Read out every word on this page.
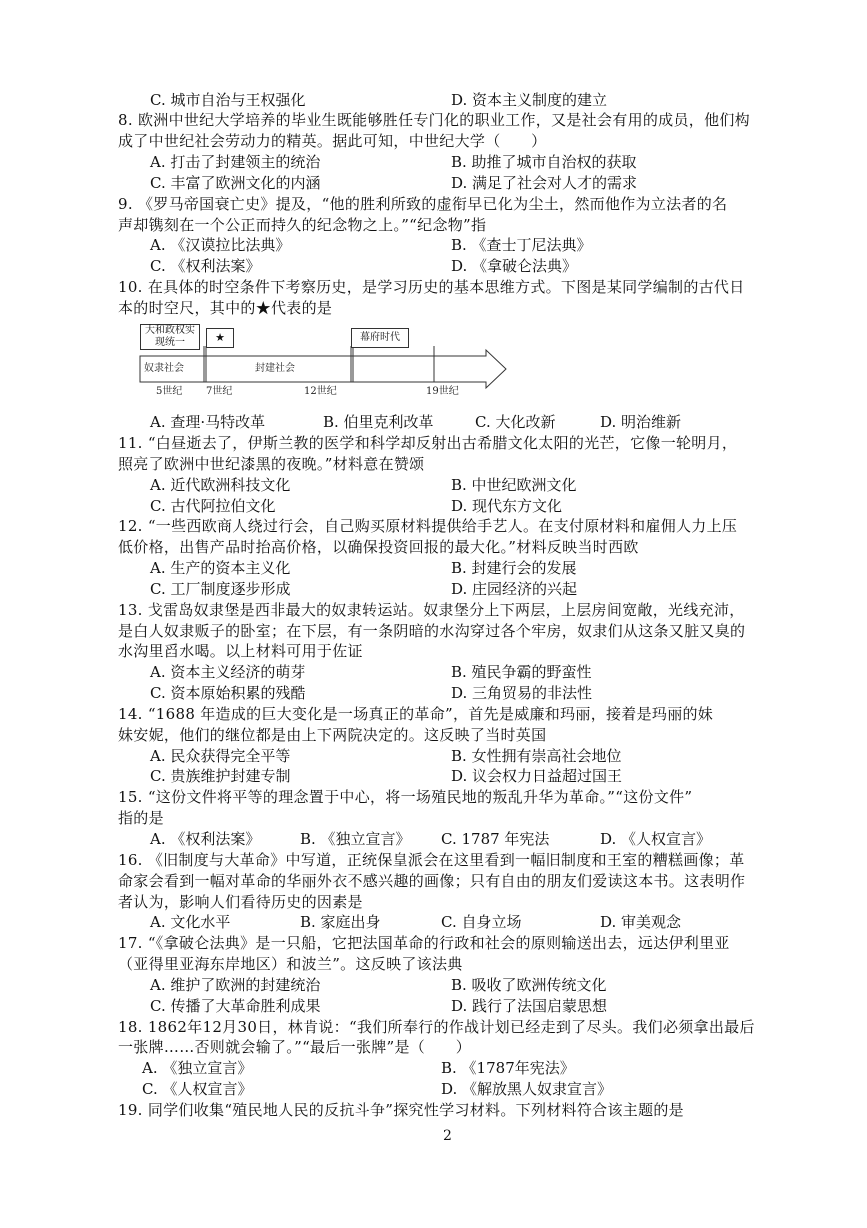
C. 城市自治与王权强化	D. 资本主义制度的建立
8. 欧洲中世纪大学培养的毕业生既能够胜任专门化的职业工作，又是社会有用的成员，他们构
成了中世纪社会劳动力的精英。据此可知，中世纪大学（　　）
A. 打击了封建领主的统治	B. 助推了城市自治权的获取
C. 丰富了欧洲文化的内涵	D. 满足了社会对人才的需求
9. 《罗马帝国衰亡史》提及，“他的胜利所致的虚衔早已化为尘土，然而他作为立法者的名
声却镌刻在一个公正而持久的纪念物之上。”“纪念物”指
A. 《汉谟拉比法典》	B. 《查士丁尼法典》
C. 《权利法案》	D. 《拿破仑法典》
10. 在具体的时空条件下考察历史，是学习历史的基本思维方式。下图是某同学编制的古代日
本的时空尺，其中的★代表的是
大和政权实现统一	★	幕府时代
奴隶社会	封建社会
5世纪 7世纪	12世纪	19世纪
A. 查理·马特改革	B. 伯里克利改革	C. 大化改新	D. 明治维新
11. “白昼逝去了，伊斯兰教的医学和科学却反射出古希腊文化太阳的光芒，它像一轮明月，
照亮了欧洲中世纪漆黑的夜晚。”材料意在赞颂
A. 近代欧洲科技文化	B. 中世纪欧洲文化
C. 古代阿拉伯文化	D. 现代东方文化
12. “一些西欧商人绕过行会，自己购买原材料提供给手艺人。在支付原材料和雇佣人力上压
低价格，出售产品时抬高价格，以确保投资回报的最大化。”材料反映当时西欧
A. 生产的资本主义化	B. 封建行会的发展
C. 工厂制度逐步形成	D. 庄园经济的兴起
13. 戈雷岛奴隶堡是西非最大的奴隶转运站。奴隶堡分上下两层，上层房间宽敞，光线充沛，
是白人奴隶贩子的卧室；在下层，有一条阴暗的水沟穿过各个牢房，奴隶们从这条又脏又臭的
水沟里舀水喝。以上材料可用于佐证
A. 资本主义经济的萌芽	B. 殖民争霸的野蛮性
C. 资本原始积累的残酷	D. 三角贸易的非法性
14. “1688 年造成的巨大变化是一场真正的革命”，首先是威廉和玛丽，接着是玛丽的妹
妹安妮，他们的继位都是由上下两院决定的。这反映了当时英国
A. 民众获得完全平等	B. 女性拥有崇高社会地位
C. 贵族维护封建专制	D. 议会权力日益超过国王
15. “这份文件将平等的理念置于中心，将一场殖民地的叛乱升华为革命。”“这份文件”
指的是
A. 《权利法案》	B. 《独立宣言》 C. 1787 年宪法	D. 《人权宣言》
16. 《旧制度与大革命》中写道，正统保皇派会在这里看到一幅旧制度和王室的糟糕画像；革
命家会看到一幅对革命的华丽外衣不感兴趣的画像；只有自由的朋友们爱读这本书。这表明作
者认为，影响人们看待历史的因素是
A. 文化水平	B. 家庭出身	C. 自身立场	D. 审美观念
17. “《拿破仑法典》是一只船，它把法国革命的行政和社会的原则输送出去，远达伊利里亚
（亚得里亚海东岸地区）和波兰”。这反映了该法典
A. 维护了欧洲的封建统治	B. 吸收了欧洲传统文化
C. 传播了大革命胜利成果	D. 践行了法国启蒙思想
18. 1862年12月30日，林肯说：“我们所奉行的作战计划已经走到了尽头。我们必须拿出最后
一张牌……否则就会输了。”“最后一张牌”是（　　）
A. 《独立宣言》	B. 《1787年宪法》
C. 《人权宣言》	D. 《解放黑人奴隶宣言》
19. 同学们收集“殖民地人民的反抗斗争”探究性学习材料。下列材料符合该主题的是
2
